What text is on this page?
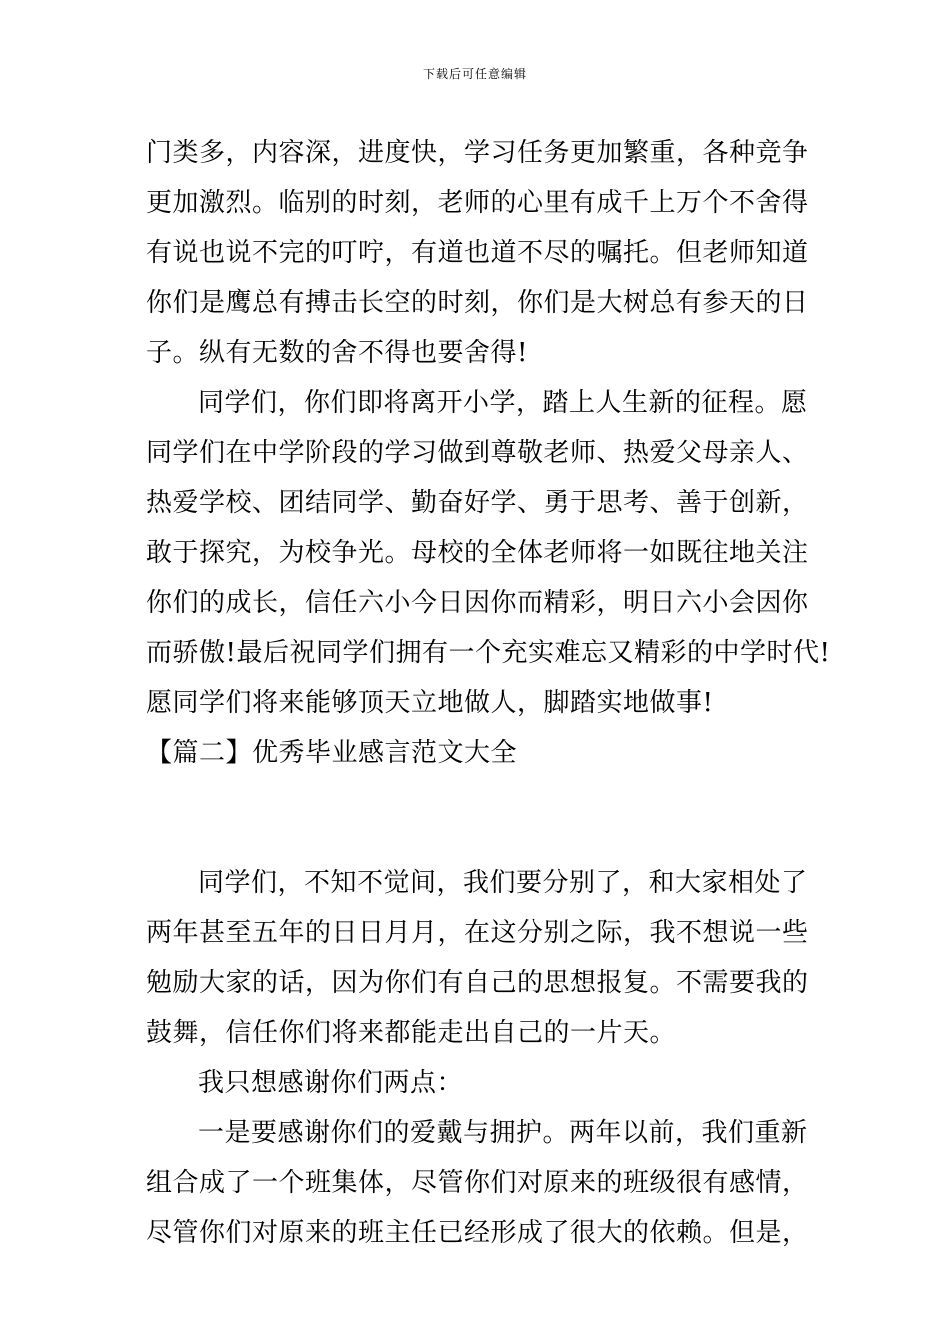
下载后可任意编辑
门类多，内容深，进度快，学习任务更加繁重，各种竞争
更加激烈。临别的时刻，老师的心里有成千上万个不舍得
有说也说不完的叮咛，有道也道不尽的嘱托。但老师知道
你们是鹰总有搏击长空的时刻，你们是大树总有参天的日
子。纵有无数的舍不得也要舍得!
同学们，你们即将离开小学，踏上人生新的征程。愿
同学们在中学阶段的学习做到尊敬老师、热爱父母亲人、
热爱学校、团结同学、勤奋好学、勇于思考、善于创新，
敢于探究，为校争光。母校的全体老师将一如既往地关注
你们的成长，信任六小今日因你而精彩，明日六小会因你
而骄傲!最后祝同学们拥有一个充实难忘又精彩的中学时代!
愿同学们将来能够顶天立地做人，脚踏实地做事!
【篇二】优秀毕业感言范文大全
同学们，不知不觉间，我们要分别了，和大家相处了
两年甚至五年的日日月月，在这分别之际，我不想说一些
勉励大家的话，因为你们有自己的思想报复。不需要我的
鼓舞，信任你们将来都能走出自己的一片天。
我只想感谢你们两点：
一是要感谢你们的爱戴与拥护。两年以前，我们重新
组合成了一个班集体，尽管你们对原来的班级很有感情，
尽管你们对原来的班主任已经形成了很大的依赖。但是，
